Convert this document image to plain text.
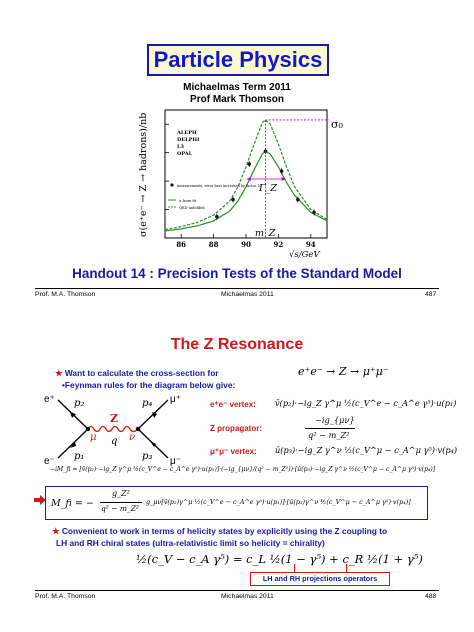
Particle Physics
Michaelmas Term 2011
Prof Mark Thomson
σ(e⁺e⁻ → Z → hadrons)/nb
86	88	90	92	94
ALEPH
DELPHI
L3
OPAL
measurements, error bars increased by factor 10
σ from fit
QED unfolded
σ₀
Γ_Z
m_Z
√s/GeV
Handout 14 : Precision Tests of the Standard Model
Prof. M.A. Thomson	Michaelmas 2011	487
The Z Resonance
★ Want to calculate the cross-section for	e⁺e⁻ → Z → μ⁺μ⁻
•Feynman rules for the diagram below give:
e⁺
e⁻
μ⁺
μ⁻
p₂
p₁
p₄
p₃
μ	ν
Z
q
e⁺e⁻ vertex: v̄(p₂)·−ig_Z γ^μ ½(c_V^e − c_A^e γ⁵)·u(p₁)
Z propagator:
−ig_{μν}
q² − m_Z²
μ⁺μ⁻ vertex: ū(p₃)·−ig_Z γ^ν ½(c_V^μ − c_A^μ γ⁵)·v(p₄)
−iM_fi = [v̄(p₂)·−ig_Z γ^μ ½(c_V^e − c_A^e γ⁵)·u(p₁)]·(−ig_{μν}/(q² − m_Z²))·[ū(p₃)·−ig_Z γ^ν ½(c_V^μ − c_A^μ γ⁵)·v(p₄)]
M_fi = −
g_Z²
q² − m_Z²
g_μν[v̄(p₂)γ^μ ½(c_V^e − c_A^e γ⁵)·u(p₁)]·[ū(p₃)γ^ν ½(c_V^μ − c_A^μ γ⁵)·v(p₄)]
★ Convenient to work in terms of helicity states by explicitly using the Z coupling to
LH and RH chiral states (ultra-relativistic limit so helicity = chirality)
½(c_V − c_A γ⁵) = c_L ½(1 − γ⁵) + c_R ½(1 + γ⁵)
LH and RH projections operators
Prof. M.A. Thomson	Michaelmas 2011	488
